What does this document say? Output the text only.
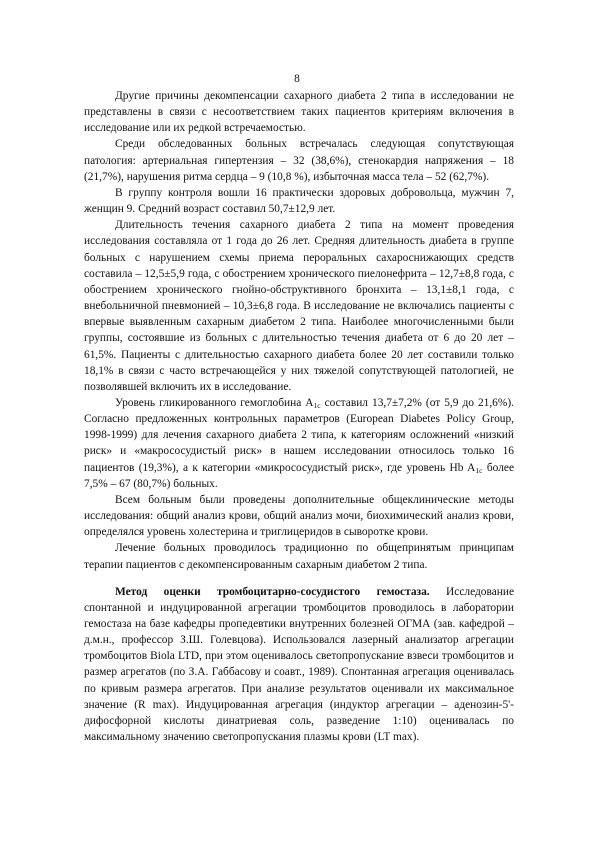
8

Другие причины декомпенсации сахарного диабета 2 типа в исследовании не представлены в связи с несоответствием таких пациентов критериям включения в исследование или их редкой встречаемостью.

Среди обследованных больных встречалась следующая сопутствующая патология: артериальная гипертензия – 32 (38,6%), стенокардия напряжения – 18 (21,7%), нарушения ритма сердца – 9 (10,8 %), избыточная масса тела – 52 (62,7%).

В группу контроля вошли 16 практически здоровых добровольца, мужчин 7, женщин 9. Средний возраст составил 50,7±12,9 лет.

Длительность течения сахарного диабета 2 типа на момент проведения исследования составляла от 1 года до 26 лет. Средняя длительность диабета в группе больных с нарушением схемы приема пероральных сахароснижающих средств составила – 12,5±5,9 года, с обострением хронического пиелонефрита – 12,7±8,8 года, с обострением хронического гнойно-обструктивного бронхита – 13,1±8,1 года, с внебольничной пневмонией – 10,3±6,8 года. В исследование не включались пациенты с впервые выявленным сахарным диабетом 2 типа. Наиболее многочисленными были группы, состоявшие из больных с длительностью течения диабета от 6 до 20 лет – 61,5%. Пациенты с длительностью сахарного диабета более 20 лет составили только 18,1% в связи с часто встречающейся у них тяжелой сопутствующей патологией, не позволявшей включить их в исследование.

Уровень гликированного гемоглобина $A_{1c}$ составил 13,7±7,2% (от 5,9 до 21,6%). Согласно предложенных контрольных параметров (European Diabetes Policy Group, 1998-1999) для лечения сахарного диабета 2 типа, к категориям осложнений «низкий риск» и «макрососудистый риск» в нашем исследовании относилось только 16 пациентов (19,3%), а к категории «микрососудистый риск», где уровень Hb $A_{1c}$ более 7,5% – 67 (80,7%) больных.

Всем больным были проведены дополнительные общеклинические методы исследования: общий анализ крови, общий анализ мочи, биохимический анализ крови, определялся уровень холестерина и триглицеридов в сыворотке крови.

Лечение больных проводилось традиционно по общепринятым принципам терапии пациентов с декомпенсированным сахарным диабетом 2 типа.

Метод оценки тромбоцитарно-сосудистого гемостаза. Исследование спонтанной и индуцированной агрегации тромбоцитов проводилось в лаборатории гемостаза на базе кафедры пропедевтики внутренних болезней ОГМА (зав. кафедрой – д.м.н., профессор З.Ш. Голевцова). Использовался лазерный анализатор агрегации тромбоцитов Biola LTD, при этом оценивалось светопропускание взвеси тромбоцитов и размер агрегатов (по З.А. Габбасову и соавт., 1989). Спонтанная агрегация оценивалась по кривым размера агрегатов. При анализе результатов оценивали их максимальное значение (R max). Индуцированная агрегация (индуктор агрегации – аденозин-5'-дифосфорной кислоты динатриевая соль, разведение 1:10) оценивалась по максимальному значению светопропускания плазмы крови (LT max).
